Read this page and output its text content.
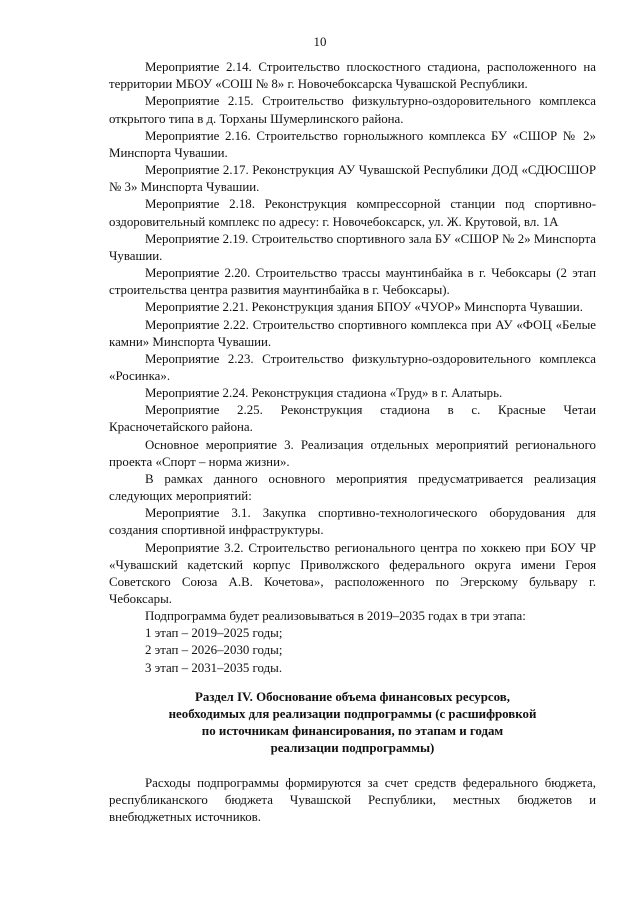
10

Мероприятие 2.14. Строительство плоскостного стадиона, расположенного на территории МБОУ «СОШ № 8» г. Новочебоксарска Чувашской Республики.

Мероприятие 2.15. Строительство физкультурно-оздоровительного комплекса открытого типа в д. Торханы Шумерлинского района.

Мероприятие 2.16. Строительство горнолыжного комплекса БУ «СШОР № 2» Минспорта Чувашии.

Мероприятие 2.17. Реконструкция АУ Чувашской Республики ДОД «СДЮСШОР № 3» Минспорта Чувашии.

Мероприятие 2.18. Реконструкция компрессорной станции под спортивно-оздоровительный комплекс по адресу: г. Новочебоксарск, ул. Ж. Крутовой, вл. 1А

Мероприятие 2.19. Строительство спортивного зала БУ «СШОР № 2» Минспорта Чувашии.

Мероприятие 2.20. Строительство трассы маунтинбайка в г. Чебоксары (2 этап строительства центра развития маунтинбайка в г. Чебоксары).

Мероприятие 2.21. Реконструкция здания БПОУ «ЧУОР» Минспорта Чувашии.

Мероприятие 2.22. Строительство спортивного комплекса при АУ «ФОЦ «Белые камни» Минспорта Чувашии.

Мероприятие 2.23. Строительство физкультурно-оздоровительного комплекса «Росинка».

Мероприятие 2.24. Реконструкция стадиона «Труд» в г. Алатырь.

Мероприятие 2.25. Реконструкция стадиона в с. Красные Четаи Красночетайского района.

Основное мероприятие 3. Реализация отдельных мероприятий регионального проекта «Спорт – норма жизни».

В рамках данного основного мероприятия предусматривается реализация следующих мероприятий:

Мероприятие 3.1. Закупка спортивно-технологического оборудования для создания спортивной инфраструктуры.

Мероприятие 3.2. Строительство регионального центра по хоккею при БОУ ЧР «Чувашский кадетский корпус Приволжского федерального округа имени Героя Советского Союза А.В. Кочетова», расположенного по Эгерскому бульвару г. Чебоксары.

Подпрограмма будет реализовываться в 2019–2035 годах в три этапа:

1 этап – 2019–2025 годы;

2 этап – 2026–2030 годы;

3 этап – 2031–2035 годы.

Раздел IV. Обоснование объема финансовых ресурсов,
необходимых для реализации подпрограммы (с расшифровкой
по источникам финансирования, по этапам и годам
реализации подпрограммы)

Расходы подпрограммы формируются за счет средств федерального бюджета, республиканского бюджета Чувашской Республики, местных бюджетов и внебюджетных источников.
